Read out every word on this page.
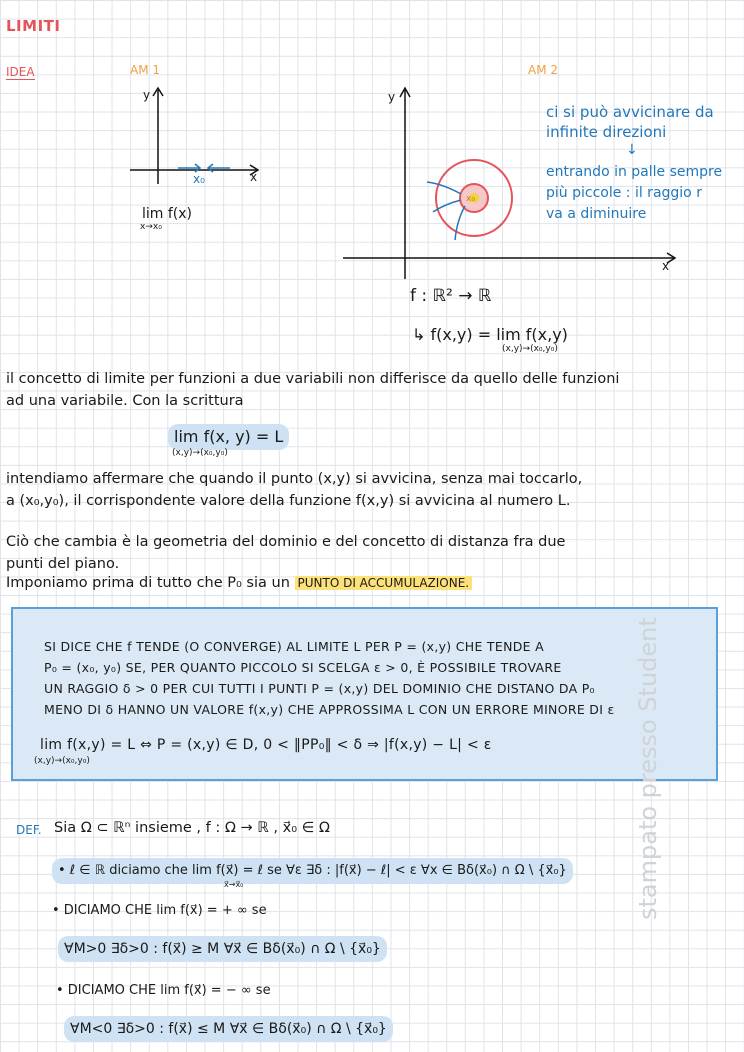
LIMITI
IDEA	AM 1	AM 2
y
x
x₀
lim f(x)
x→x₀
y
x
x₀
ci si può avvicinare da
infinite direzioni
↓
entrando in palle sempre
più piccole : il raggio r
va a diminuire
f : ℝ² → ℝ
↳ f(x,y) = lim f(x,y)
(x,y)→(x₀,y₀)
il concetto di limite per funzioni a due variabili non differisce da quello delle funzioni
ad una variabile. Con la scrittura
lim f(x, y) = L
(x,y)→(x₀,y₀)
intendiamo affermare che quando il punto (x,y) si avvicina, senza mai toccarlo,
a (x₀,y₀), il corrispondente valore della funzione f(x,y) si avvicina al numero L.
Ciò che cambia è la geometria del dominio e del concetto di distanza fra due
punti del piano.
Imponiamo prima di tutto che P₀ sia un PUNTO DI ACCUMULAZIONE.
SI DICE CHE f TENDE (O CONVERGE) AL LIMITE L PER P = (x,y) CHE TENDE A
P₀ = (x₀, y₀) SE, PER QUANTO PICCOLO SI SCELGA ε > 0, È POSSIBILE TROVARE
UN RAGGIO δ > 0 PER CUI TUTTI I PUNTI P = (x,y) DEL DOMINIO CHE DISTANO DA P₀
MENO DI δ HANNO UN VALORE f(x,y) CHE APPROSSIMA L CON UN ERRORE MINORE DI ε
lim f(x,y) = L ⇔ P = (x,y) ∈ D, 0 < ‖PP₀‖ < δ ⇒ |f(x,y) − L| < ε
(x,y)→(x₀,y₀)
DEF. Sia Ω ⊂ ℝⁿ insieme , f : Ω → ℝ , x⃗₀ ∈ Ω
• ℓ ∈ ℝ diciamo che lim f(x⃗) = ℓ se ∀ε ∃δ : |f(x⃗) − ℓ| < ε ∀x ∈ Bδ(x⃗₀) ∩ Ω \ {x⃗₀}
x⃗→x⃗₀
• DICIAMO CHE lim f(x⃗) = + ∞ se
∀M>0 ∃δ>0 : f(x⃗) ≥ M ∀x⃗ ∈ Bδ(x⃗₀) ∩ Ω \ {x⃗₀}
• DICIAMO CHE lim f(x⃗) = − ∞ se
∀M<0 ∃δ>0 : f(x⃗) ≤ M ∀x⃗ ∈ Bδ(x⃗₀) ∩ Ω \ {x⃗₀}
